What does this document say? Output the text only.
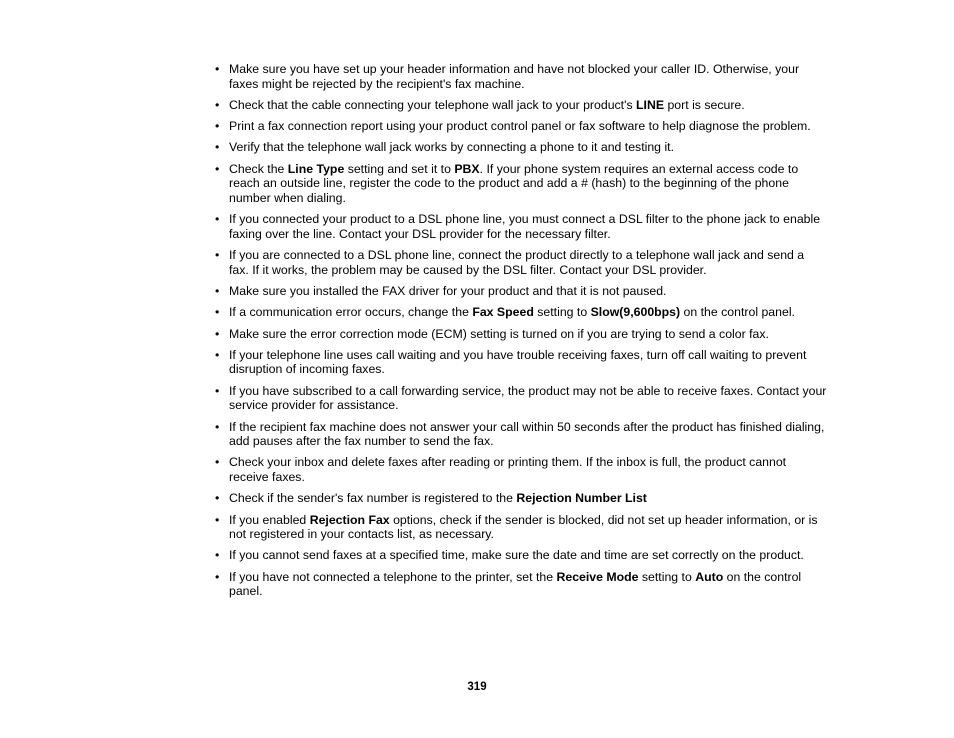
• Make sure you have set up your header information and have not blocked your caller ID. Otherwise, your faxes might be rejected by the recipient's fax machine.
• Check that the cable connecting your telephone wall jack to your product's LINE port is secure.
• Print a fax connection report using your product control panel or fax software to help diagnose the problem.
• Verify that the telephone wall jack works by connecting a phone to it and testing it.
• Check the Line Type setting and set it to PBX. If your phone system requires an external access code to reach an outside line, register the code to the product and add a # (hash) to the beginning of the phone number when dialing.
• If you connected your product to a DSL phone line, you must connect a DSL filter to the phone jack to enable faxing over the line. Contact your DSL provider for the necessary filter.
• If you are connected to a DSL phone line, connect the product directly to a telephone wall jack and send a fax. If it works, the problem may be caused by the DSL filter. Contact your DSL provider.
• Make sure you installed the FAX driver for your product and that it is not paused.
• If a communication error occurs, change the Fax Speed setting to Slow(9,600bps) on the control panel.
• Make sure the error correction mode (ECM) setting is turned on if you are trying to send a color fax.
• If your telephone line uses call waiting and you have trouble receiving faxes, turn off call waiting to prevent disruption of incoming faxes.
• If you have subscribed to a call forwarding service, the product may not be able to receive faxes. Contact your service provider for assistance.
• If the recipient fax machine does not answer your call within 50 seconds after the product has finished dialing, add pauses after the fax number to send the fax.
• Check your inbox and delete faxes after reading or printing them. If the inbox is full, the product cannot receive faxes.
• Check if the sender's fax number is registered to the Rejection Number List
• If you enabled Rejection Fax options, check if the sender is blocked, did not set up header information, or is not registered in your contacts list, as necessary.
• If you cannot send faxes at a specified time, make sure the date and time are set correctly on the product.
• If you have not connected a telephone to the printer, set the Receive Mode setting to Auto on the control panel.
319
